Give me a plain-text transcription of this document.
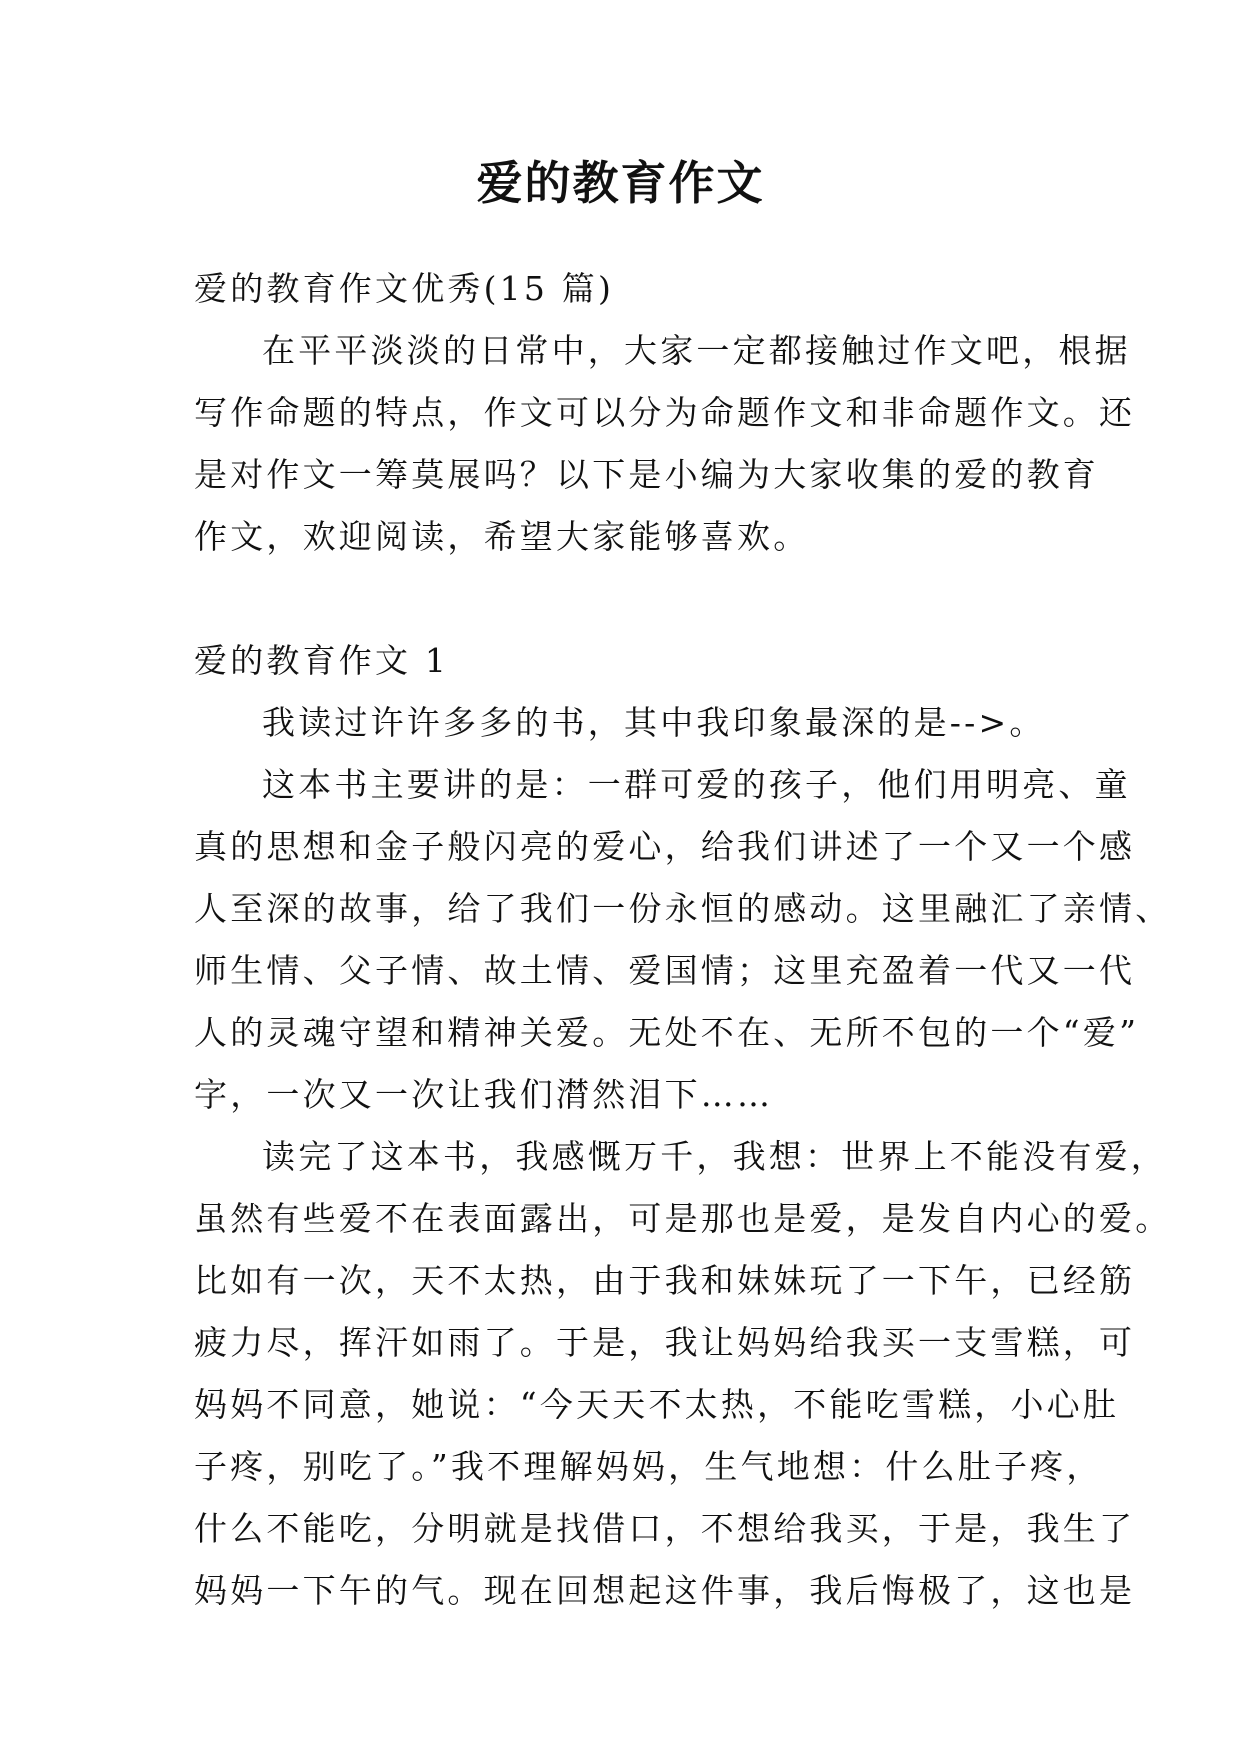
爱的教育作文

爱的教育作文优秀(15 篇)

在平平淡淡的日常中，大家一定都接触过作文吧，根据

写作命题的特点，作文可以分为命题作文和非命题作文。还

是对作文一筹莫展吗？以下是小编为大家收集的爱的教育

作文，欢迎阅读，希望大家能够喜欢。

爱的教育作文 1

我读过许许多多的书，其中我印象最深的是-->。

这本书主要讲的是：一群可爱的孩子，他们用明亮、童

真的思想和金子般闪亮的爱心，给我们讲述了一个又一个感

人至深的故事，给了我们一份永恒的感动。这里融汇了亲情、

师生情、父子情、故土情、爱国情；这里充盈着一代又一代

人的灵魂守望和精神关爱。无处不在、无所不包的一个“爱”

字，一次又一次让我们潸然泪下……

读完了这本书，我感慨万千，我想：世界上不能没有爱，

虽然有些爱不在表面露出，可是那也是爱，是发自内心的爱。

比如有一次，天不太热，由于我和妹妹玩了一下午，已经筋

疲力尽，挥汗如雨了。于是，我让妈妈给我买一支雪糕，可

妈妈不同意，她说：“今天天不太热，不能吃雪糕，小心肚

子疼，别吃了。”我不理解妈妈，生气地想：什么肚子疼，

什么不能吃，分明就是找借口，不想给我买，于是，我生了

妈妈一下午的气。现在回想起这件事，我后悔极了，这也是
